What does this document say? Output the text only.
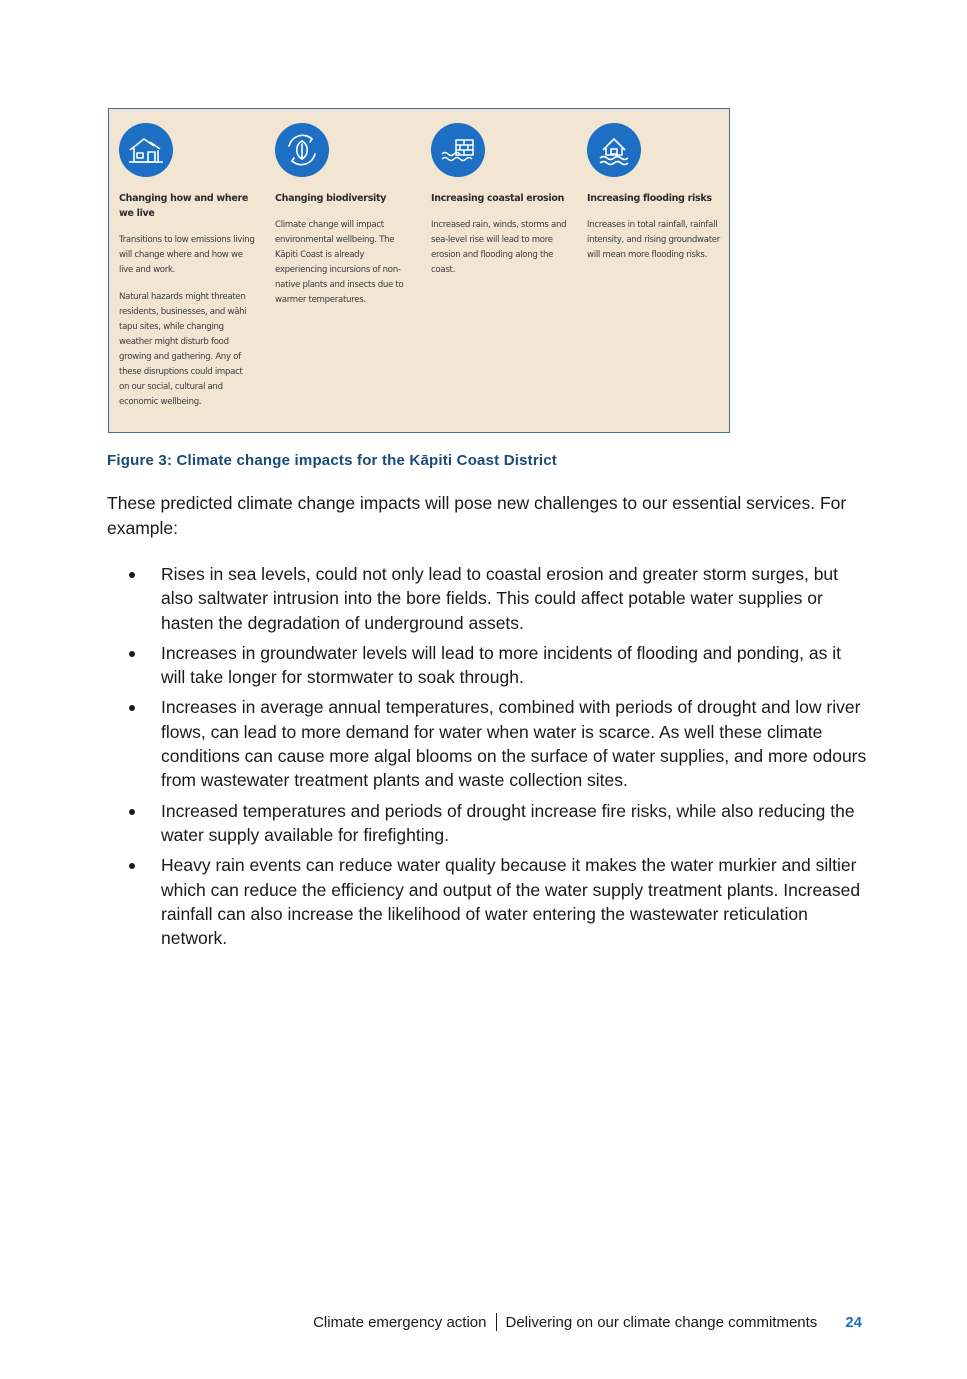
Changing how and where we live

Transitions to low emissions living will change where and how we live and work.

Natural hazards might threaten residents, businesses, and wāhi tapu sites, while changing weather might disturb food growing and gathering. Any of these disruptions could impact on our social, cultural and economic wellbeing.

Changing biodiversity

Climate change will impact environmental wellbeing. The Kāpiti Coast is already experiencing incursions of non-native plants and insects due to warmer temperatures.

Increasing coastal erosion

Increased rain, winds, storms and sea-level rise will lead to more erosion and flooding along the coast.

Increasing flooding risks

Increases in total rainfall, rainfall intensity, and rising groundwater will mean more flooding risks.

Figure 3: Climate change impacts for the Kāpiti Coast District

These predicted climate change impacts will pose new challenges to our essential services. For example:

Rises in sea levels, could not only lead to coastal erosion and greater storm surges, but also saltwater intrusion into the bore fields. This could affect potable water supplies or hasten the degradation of underground assets.
Increases in groundwater levels will lead to more incidents of flooding and ponding, as it will take longer for stormwater to soak through.
Increases in average annual temperatures, combined with periods of drought and low river flows, can lead to more demand for water when water is scarce. As well these climate conditions can cause more algal blooms on the surface of water supplies, and more odours from wastewater treatment plants and waste collection sites.
Increased temperatures and periods of drought increase fire risks, while also reducing the water supply available for firefighting.
Heavy rain events can reduce water quality because it makes the water murkier and siltier which can reduce the efficiency and output of the water supply treatment plants. Increased rainfall can also increase the likelihood of water entering the wastewater reticulation network.
Climate emergency action Delivering on our climate change commitments 24
